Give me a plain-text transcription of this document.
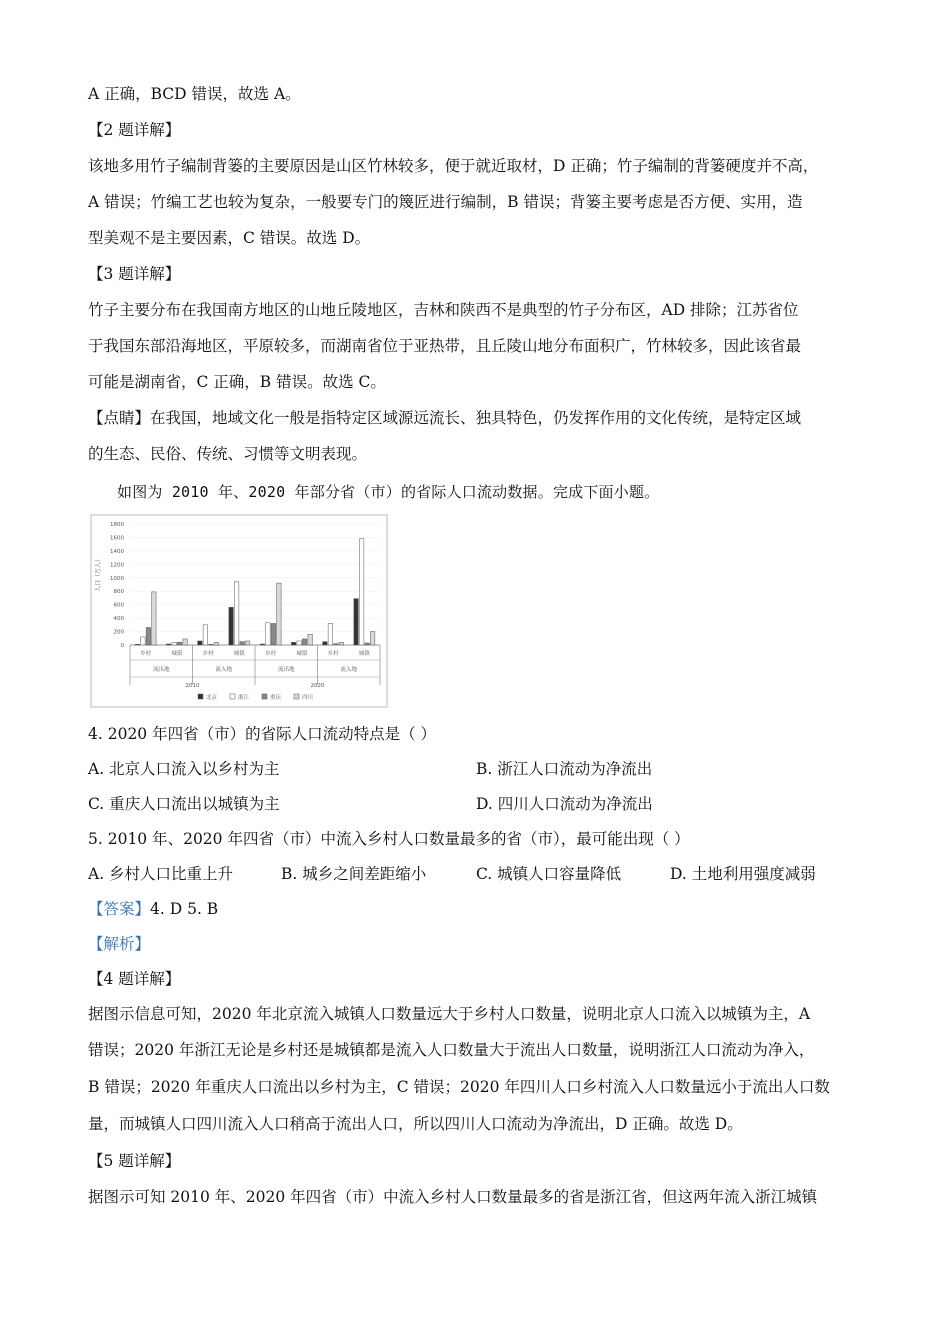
A 正确，BCD 错误，故选 A。
【2 题详解】
该地多用竹子编制背篓的主要原因是山区竹林较多，便于就近取材，D 正确；竹子编制的背篓硬度并不高，
A 错误；竹编工艺也较为复杂，一般要专门的篾匠进行编制，B 错误；背篓主要考虑是否方便、实用，造
型美观不是主要因素，C 错误。故选 D。
【3 题详解】
竹子主要分布在我国南方地区的山地丘陵地区，吉林和陕西不是典型的竹子分布区，AD 排除；江苏省位
于我国东部沿海地区，平原较多，而湖南省位于亚热带，且丘陵山地分布面积广，竹林较多，因此该省最
可能是湖南省，C 正确，B 错误。故选 C。
【点睛】在我国，地域文化一般是指特定区域源远流长、独具特色，仍发挥作用的文化传统，是特定区域
的生态、民俗、传统、习惯等文明表现。
如图为 2010 年、2020 年部分省（市）的省际人口流动数据。完成下面小题。
0
200
400
600
800
1000
1200
1400
1600
1800
人口（万人）
乡村	城镇
流出地
乡村	城镇
流入地
乡村	城镇
流出地
乡村	城镇
流入地
2010	2020
北京	浙江	重庆	四川
4. 2020 年四省（市）的省际人口流动特点是（ ）
A. 北京人口流入以乡村为主	B. 浙江人口流动为净流出
C. 重庆人口流出以城镇为主	D. 四川人口流动为净流出
5. 2010 年、2020 年四省（市）中流入乡村人口数量最多的省（市），最可能出现（ ）
A. 乡村人口比重上升	B. 城乡之间差距缩小	C. 城镇人口容量降低	D. 土地利用强度减弱
【答案】4. D 5. B
【解析】
【4 题详解】
据图示信息可知，2020 年北京流入城镇人口数量远大于乡村人口数量，说明北京人口流入以城镇为主，A
错误；2020 年浙江无论是乡村还是城镇都是流入人口数量大于流出人口数量，说明浙江人口流动为净入，
B 错误；2020 年重庆人口流出以乡村为主，C 错误；2020 年四川人口乡村流入人口数量远小于流出人口数
量，而城镇人口四川流入人口稍高于流出人口，所以四川人口流动为净流出，D 正确。故选 D。
【5 题详解】
据图示可知 2010 年、2020 年四省（市）中流入乡村人口数量最多的省是浙江省，但这两年流入浙江城镇
